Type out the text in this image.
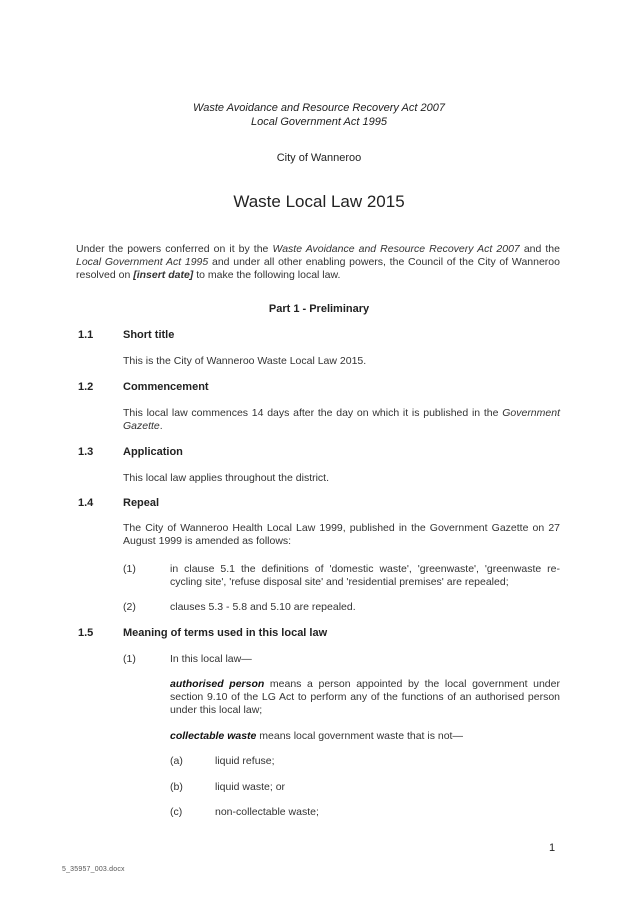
Waste Avoidance and Resource Recovery Act 2007
Local Government Act 1995
City of Wanneroo
Waste Local Law 2015
Under the powers conferred on it by the Waste Avoidance and Resource Recovery Act 2007 and the Local Government Act 1995 and under all other enabling powers, the Council of the City of Wanneroo resolved on [insert date] to make the following local law.
Part 1 - Preliminary
1.1	Short title
This is the City of Wanneroo Waste Local Law 2015.
1.2	Commencement
This local law commences 14 days after the day on which it is published in the Government Gazette.
1.3	Application
This local law applies throughout the district.
1.4	Repeal
The City of Wanneroo Health Local Law 1999, published in the Government Gazette on 27 August 1999 is amended as follows:
(1)	in clause 5.1 the definitions of 'domestic waste', 'greenwaste', 'greenwaste re-cycling site', 'refuse disposal site' and 'residential premises' are repealed;
(2)	clauses 5.3 - 5.8 and 5.10 are repealed.
1.5	Meaning of terms used in this local law
(1)	In this local law—
authorised person means a person appointed by the local government under section 9.10 of the LG Act to perform any of the functions of an authorised person under this local law;
collectable waste means local government waste that is not—
(a)	liquid refuse;
(b)	liquid waste; or
(c)	non-collectable waste;
1
5_35957_003.docx
